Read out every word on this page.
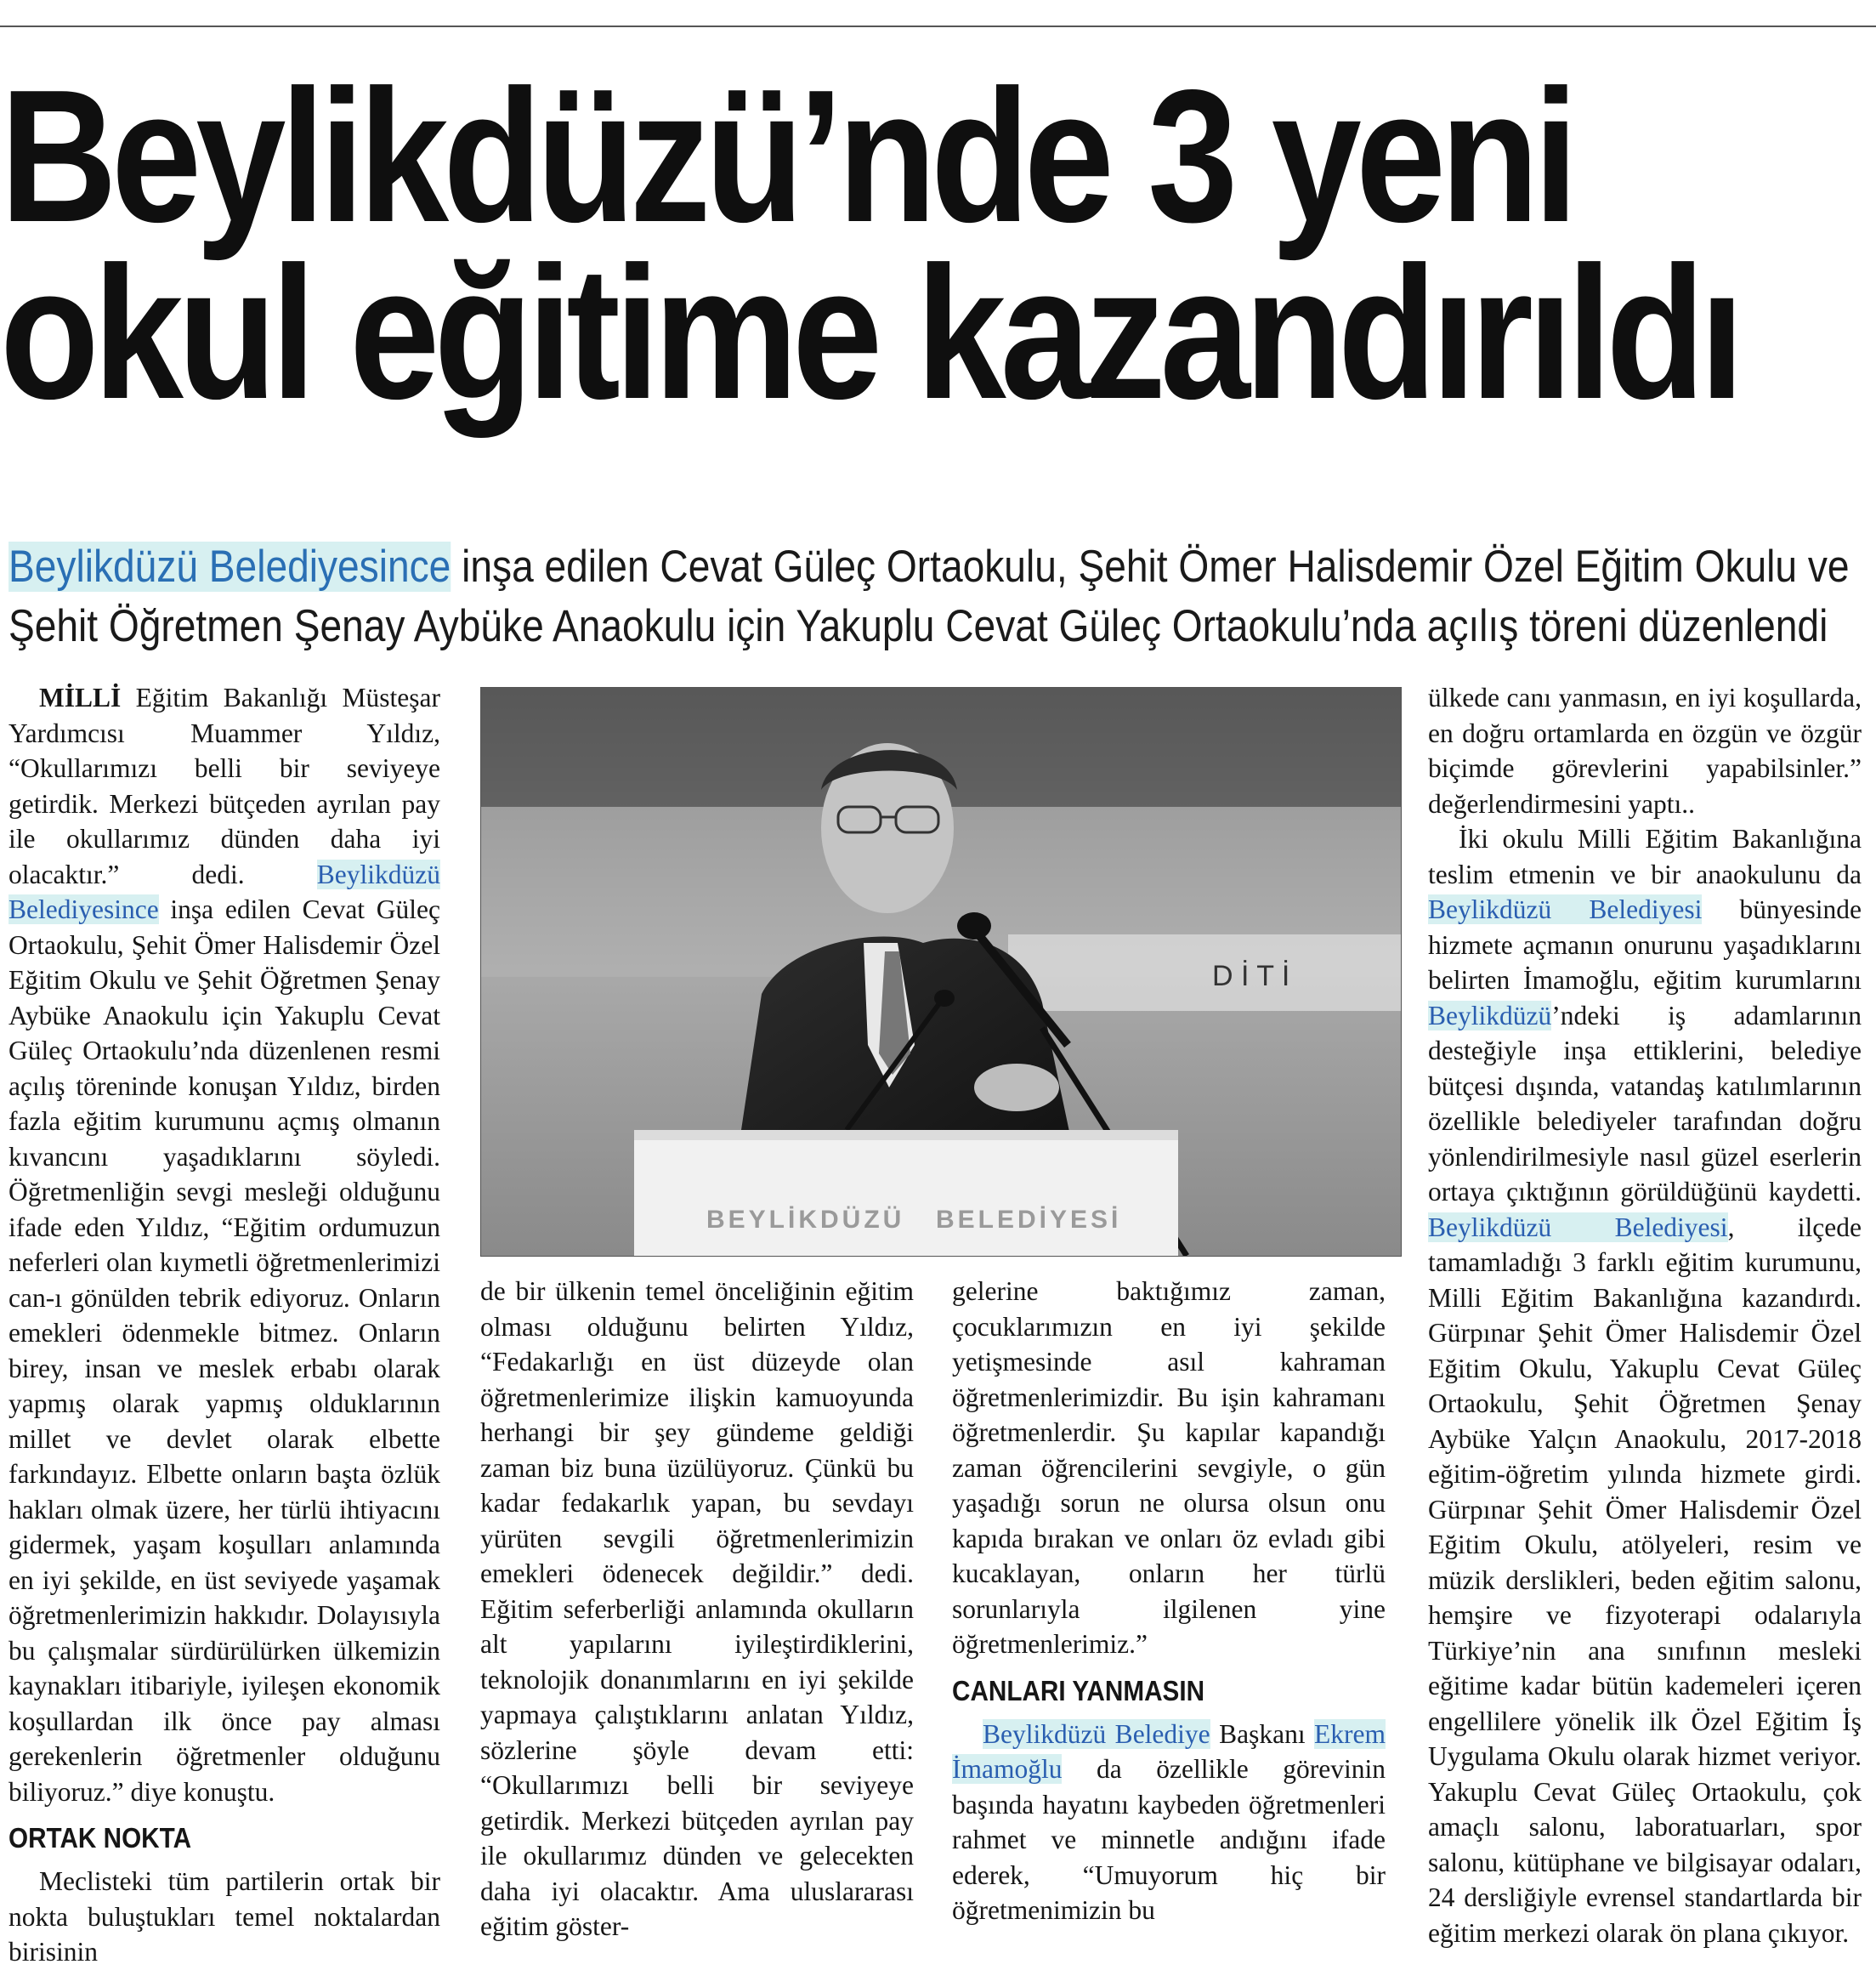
Beylikdüzü’nde 3 yeni
okul eğitime kazandırıldı
Beylikdüzü Belediyesince inşa edilen Cevat Güleç Ortaokulu, Şehit Ömer Halisdemir Özel Eğitim Okulu ve
Şehit Öğretmen Şenay Aybüke Anaokulu için Yakuplu Cevat Güleç Ortaokulu’nda açılış töreni düzenlendi

MİLLİ Eğitim Bakanlığı Müsteşar Yardımcısı Muammer Yıldız, “Okullarımızı belli bir seviyeye getirdik. Merkezi bütçeden ayrılan pay ile okullarımız dünden daha iyi olacaktır.” dedi. Beylikdüzü Belediyesince inşa edilen Cevat Güleç Ortaokulu, Şehit Ömer Halisdemir Özel Eğitim Okulu ve Şehit Öğretmen Şenay Aybüke Anaokulu için Yakuplu Cevat Güleç Ortaokulu’nda düzenlenen resmi açılış töreninde konuşan Yıldız, birden fazla eğitim kurumunu açmış olmanın kıvancını yaşadıklarını söyledi. Öğretmenliğin sevgi mesleği olduğunu ifade eden Yıldız, “Eğitim ordumuzun neferleri olan kıymetli öğretmenlerimizi can-ı gönülden tebrik ediyoruz. Onların emekleri ödenmekle bitmez. Onların birey, insan ve meslek erbabı olarak yapmış olarak yapmış olduklarının millet ve devlet olarak elbette farkındayız. Elbette onların başta özlük hakları olmak üzere, her türlü ihtiyacını gidermek, yaşam koşulları anlamında en iyi şekilde, en üst seviyede yaşamak öğretmenlerimizin hakkıdır. Dolayısıyla bu çalışmalar sürdürülürken ülkemizin kaynakları itibariyle, iyileşen ekonomik koşullardan ilk önce pay alması gerekenlerin öğretmenler olduğunu biliyoruz.” diye konuştu.

ORTAK NOKTA

Meclisteki tüm partilerin ortak bir nokta buluştukları temel noktalardan birisinin

D İ T İ
BEYLİKDÜZÜ BELEDİYESİ

de bir ülkenin temel önceliğinin eğitim olması olduğunu belirten Yıldız, “Fedakarlığı en üst düzeyde olan öğretmenlerimize ilişkin kamuoyunda herhangi bir şey gündeme geldiği zaman biz buna üzülüyoruz. Çünkü bu kadar fedakarlık yapan, bu sevdayı yürüten sevgili öğretmenlerimizin emekleri ödenecek değildir.” dedi. Eğitim seferberliği anlamında okulların alt yapılarını iyileştirdiklerini, teknolojik donanımlarını en iyi şekilde yapmaya çalıştıklarını anlatan Yıldız, sözlerine şöyle devam etti: “Okullarımızı belli bir seviyeye getirdik. Merkezi bütçeden ayrılan pay ile okullarımız dünden ve gelecekten daha iyi olacaktır. Ama uluslararası eğitim göster-

gelerine baktığımız zaman, çocuklarımızın en iyi şekilde yetişmesinde asıl kahraman öğretmenlerimizdir. Bu işin kahramanı öğretmenlerdir. Şu kapılar kapandığı zaman öğrencilerini sevgiyle, o gün yaşadığı sorun ne olursa olsun onu kapıda bırakan ve onları öz evladı gibi kucaklayan, onların her türlü sorunlarıyla ilgilenen yine öğretmenlerimiz.”

CANLARI YANMASIN

Beylikdüzü Belediye Başkanı Ekrem İmamoğlu da özellikle görevinin başında hayatını kaybeden öğretmenleri rahmet ve minnetle andığını ifade ederek, “Umuyorum hiç bir öğretmenimizin bu

ülkede canı yanmasın, en iyi koşullarda, en doğru ortamlarda en özgün ve özgür biçimde görevlerini yapabilsinler.” değerlendirmesini yaptı..

İki okulu Milli Eğitim Bakanlığına teslim etmenin ve bir anaokulunu da Beylikdüzü Belediyesi bünyesinde hizmete açmanın onurunu yaşadıklarını belirten İmamoğlu, eğitim kurumlarını Beylikdüzü’ndeki iş adamlarının desteğiyle inşa ettiklerini, belediye bütçesi dışında, vatandaş katılımlarının özellikle belediyeler tarafından doğru yönlendirilmesiyle nasıl güzel eserlerin ortaya çıktığının görüldüğünü kaydetti. Beylikdüzü Belediyesi, ilçede tamamladığı 3 farklı eğitim kurumunu, Milli Eğitim Bakanlığına kazandırdı. Gürpınar Şehit Ömer Halisdemir Özel Eğitim Okulu, Yakuplu Cevat Güleç Ortaokulu, Şehit Öğretmen Şenay Aybüke Yalçın Anaokulu, 2017-2018 eğitim-öğretim yılında hizmete girdi. Gürpınar Şehit Ömer Halisdemir Özel Eğitim Okulu, atölyeleri, resim ve müzik derslikleri, beden eğitim salonu, hemşire ve fizyoterapi odalarıyla Türkiye’nin ana sınıfının mesleki eğitime kadar bütün kademeleri içeren engellilere yönelik ilk Özel Eğitim İş Uygulama Okulu olarak hizmet veriyor. Yakuplu Cevat Güleç Ortaokulu, çok amaçlı salonu, laboratuarları, spor salonu, kütüphane ve bilgisayar odaları, 24 dersliğiyle evrensel standartlarda bir eğitim merkezi olarak ön plana çıkıyor.
